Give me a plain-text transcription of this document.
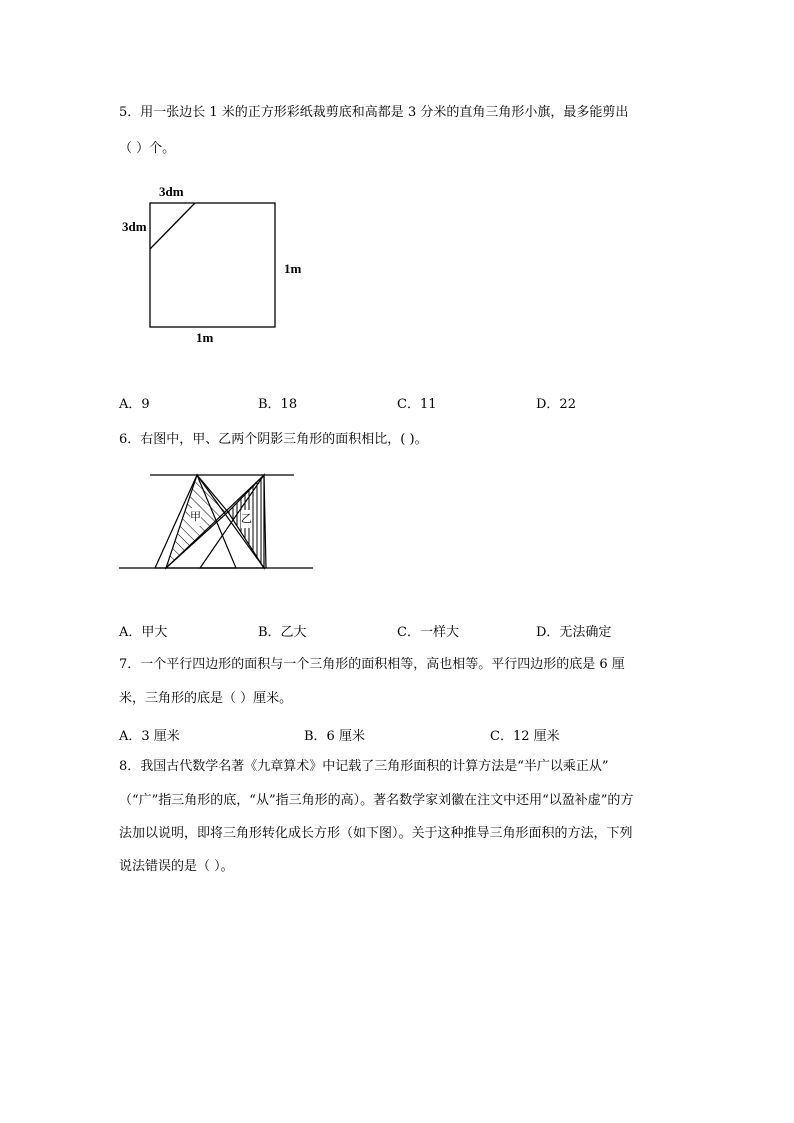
5．用一张边长 1 米的正方形彩纸裁剪底和高都是 3 分米的直角三角形小旗，最多能剪出
（ ）个。
3dm
3dm
1m
1m
A．9	B．18	C．11	D．22
6．右图中，甲、乙两个阴影三角形的面积相比，( )。
甲	乙
A．甲大	B．乙大	C．一样大	D．无法确定
7．一个平行四边形的面积与一个三角形的面积相等，高也相等。平行四边形的底是 6 厘
米，三角形的底是（ ）厘米。
A．3 厘米	B．6 厘米	C．12 厘米
8．我国古代数学名著《九章算术》中记载了三角形面积的计算方法是“半广以乘正从”
（“广”指三角形的底，“从”指三角形的高）。著名数学家刘徽在注文中还用“以盈补虚”的方
法加以说明，即将三角形转化成长方形（如下图）。关于这种推导三角形面积的方法，下列
说法错误的是（ ）。
